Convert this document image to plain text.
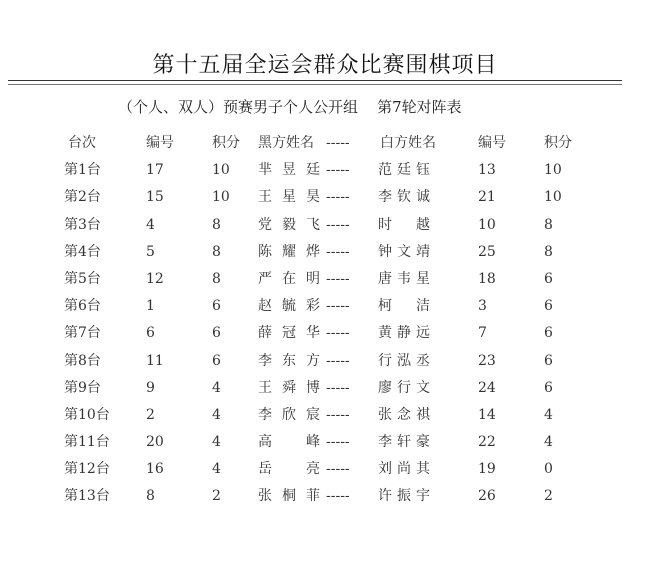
第十五届全运会群众比赛围棋项目
（个人、双人）预赛男子个人公开组    第7轮对阵表
台次	编号	积分 黑方姓名 ----- 白方姓名	编号	积分
第1台	17	10 芈昱廷 ----- 范廷钰	13	10
第2台	15	10 王星昊 ----- 李钦诚	21	10
第3台	4	8	党毅飞 ----- 时越	10	8
第4台	5	8	陈耀烨 ----- 钟文靖	25	8
第5台	12	8	严在明 ----- 唐韦星	18	6
第6台	1	6	赵毓彩 ----- 柯洁	3	6
第7台	6	6	薛冠华 ----- 黄静远	7	6
第8台	11	6	李东方 ----- 行泓丞	23	6
第9台	9	4	王舜博 ----- 廖行文	24	6
第10台	2	4	李欣宸 ----- 张念祺	14	4
第11台	20	4	高峰 ----- 李轩豪	22	4
第12台	16	4	岳亮 ----- 刘尚其	19	0
第13台	8	2	张桐菲 ----- 许振宇	26	2
